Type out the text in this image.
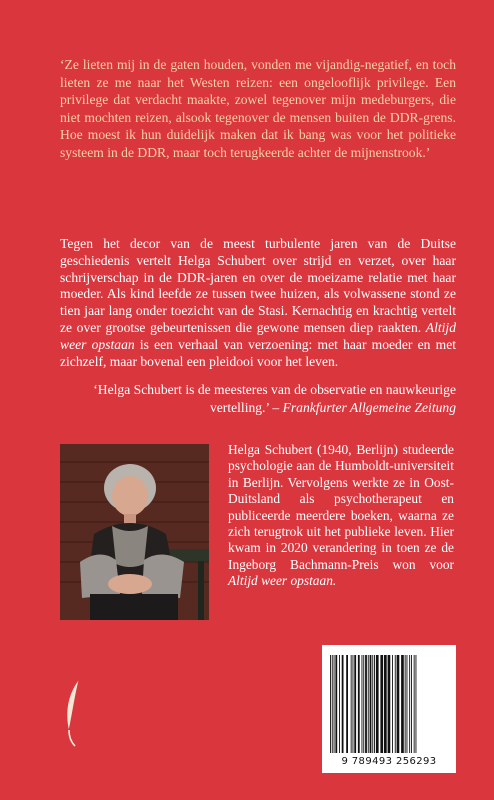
‘Ze lieten mij in de gaten houden, vonden me vijandig-negatief, en toch lieten ze me naar het Westen reizen: een ongelooflijk privilege. Een privilege dat verdacht maakte, zowel tegenover mijn medeburgers, die niet mochten reizen, alsook tegenover de mensen buiten de DDR-grens. Hoe moest ik hun duidelijk maken dat ik bang was voor het politieke systeem in de DDR, maar toch terugkeerde achter de mijnenstrook.’

Tegen het decor van de meest turbulente jaren van de Duitse geschiedenis vertelt Helga Schubert over strijd en verzet, over haar schrijverschap in de DDR-jaren en over de moeizame relatie met haar moeder. Als kind leefde ze tussen twee huizen, als volwassene stond ze tien jaar lang onder toezicht van de Stasi. Kernachtig en krachtig vertelt ze over grootse gebeurtenissen die gewone mensen diep raakten. Altijd weer opstaan is een verhaal van verzoening: met haar moeder en met zichzelf, maar bovenal een pleidooi voor het leven.

‘Helga Schubert is de meesteres van de observatie en nauwkeurige vertelling.’ – Frankfurter Allgemeine Zeitung

Helga Schubert (1940, Berlijn) studeerde psychologie aan de Humboldt-universiteit in Berlijn. Vervolgens werkte ze in Oost-Duitsland als psychotherapeut en publiceerde meerdere boeken, waarna ze zich terugtrok uit het publieke leven. Hier kwam in 2020 verandering in toen ze de Ingeborg Bachmann-Preis won voor Altijd weer opstaan.

9 789493 256293
